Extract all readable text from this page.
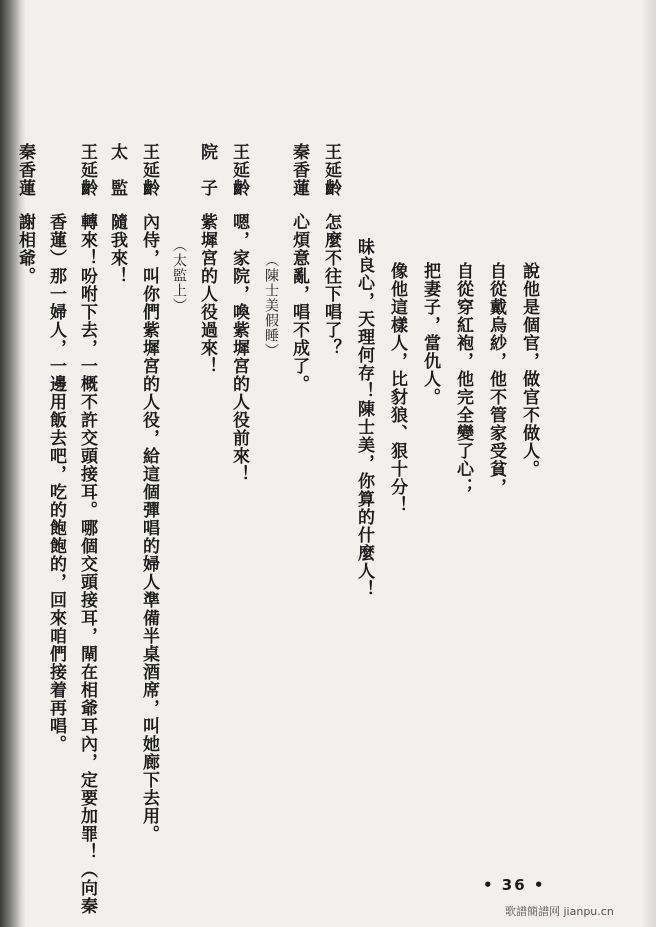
說他是個官，做官不做人。
自從戴烏紗，他不管家受貧，
自從穿紅袍，他完全變了心；
把妻子，當仇人。
像他這樣人，比豺狼、狠十分！
昧良心，天理何存！陳士美，你算的什麼人！
王延齡
怎麼不往下唱了？
秦香蓮
心煩意亂，唱不成了。
（陳士美假睡）
王延齡
嗯，家院，喚紫墀宮的人役前來！
院　子
紫墀宮的人役過來！
（太監上）
王延齡
內侍，叫你們紫墀宮的人役，給這個彈唱的婦人準備半桌酒席，叫她廊下去用。
太　監
隨我來！
王延齡
轉來！吩咐下去，一概不許交頭接耳。哪個交頭接耳，閘在相爺耳內，定要加罪！（向秦
香蓮）那一婦人，一邊用飯去吧，吃的飽飽的，回來咱們接着再唱。
秦香蓮
謝相爺。
• 36 •
歌譜簡譜网 jianpu.cn
